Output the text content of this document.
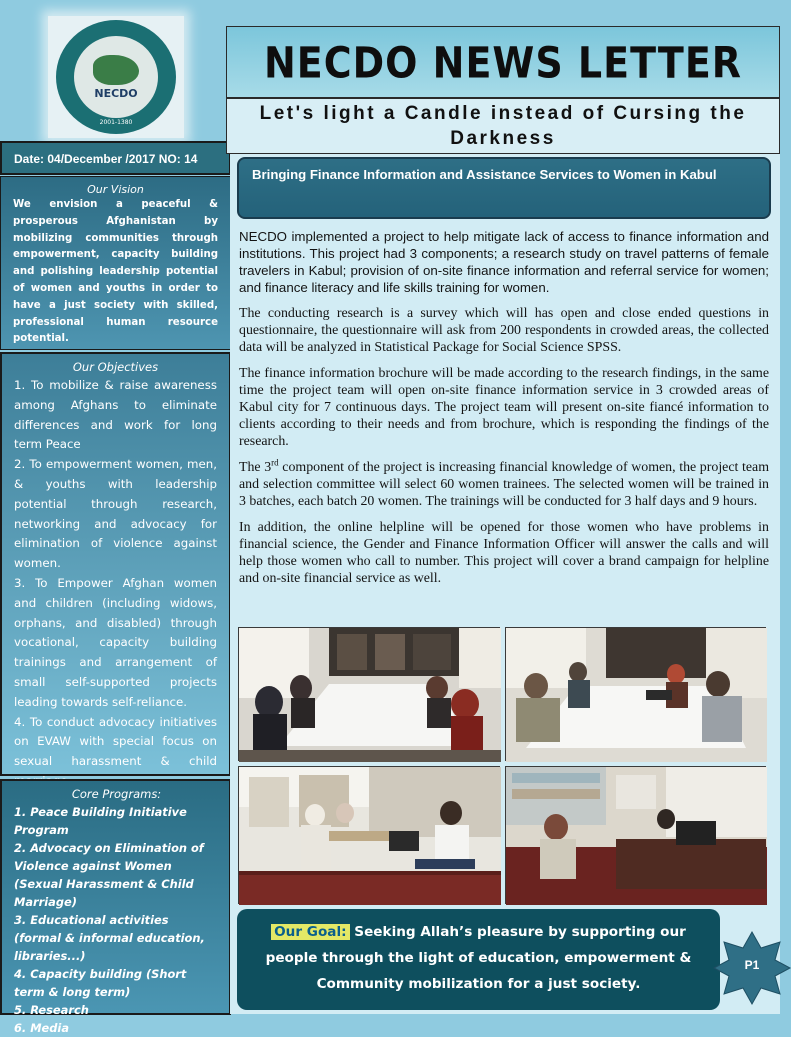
NECDO
2001-1380
Date: 04/December /2017 NO: 14
Our Vision
We envision a peaceful & prosperous Afghanistan by mobilizing communities through empowerment, capacity building and polishing leadership potential of women and youths in order to have a just society with skilled, professional human resource potential.
Our Objectives
1. To mobilize & raise awareness among Afghans to eliminate differences and work for long term Peace
2. To empowerment women, men, & youths with leadership potential through research, networking and advocacy for elimination of violence against women.
3. To Empower Afghan women and children (including widows, orphans, and disabled) through vocational, capacity building trainings and arrangement of small self-supported projects leading towards self-reliance.
4. To conduct advocacy initiatives on EVAW with special focus on sexual harassment & child
Core Programs:
1. Peace Building Initiative Program
2. Advocacy on Elimination of Violence against Women (Sexual Harassment & Child Marriage)
3. Educational activities (formal & informal education, libraries...)
4. Capacity building (Short term & long term)
5. Research
6. Media
NECDO NEWS LETTER
Let's light a Candle instead of Cursing the Darkness
Bringing Finance Information and Assistance Services to Women in Kabul

NECDO implemented a project to help mitigate lack of access to finance information and institutions. This project had 3 components; a research study on travel patterns of female travelers in Kabul; provision of on-site finance information and referral service for women; and finance literacy and life skills training for women.

The conducting research is a survey which will has open and close ended questions in questionnaire, the questionnaire will ask from 200 respondents in crowded areas, the collected data will be analyzed in Statistical Package for Social Science SPSS.

The finance information brochure will be made according to the research findings, in the same time the project team will open on-site finance information service in 3 crowded areas of Kabul city for 7 continuous days. The project team will present on-site fiancé information to clients according to their needs and from brochure, which is responding the findings of the research.

The 3rd component of the project is increasing financial knowledge of women, the project team and selection committee will select 60 women trainees. The selected women will be trained in 3 batches, each batch 20 women. The trainings will be conducted for 3 half days and 9 hours.

In addition, the online helpline will be opened for those women who have problems in financial science, the Gender and Finance Information Officer will answer the calls and will help those women who call to number. This project will cover a brand campaign for helpline and on-site financial service as well.

Our Goal: Seeking Allah’s pleasure by supporting our people through the light of education, empowerment & Community mobilization for a just society.
P1
